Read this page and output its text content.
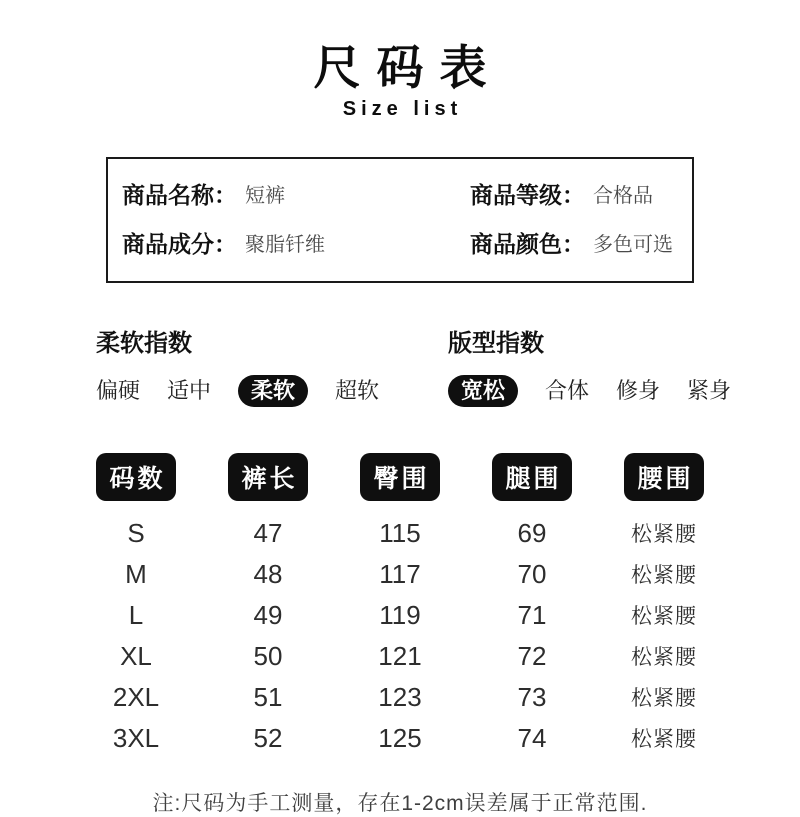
尺码表
Size list
商品名称： 短裤	商品等级： 合格品
商品成分： 聚脂钎维	商品颜色： 多色可选
柔软指数
偏硬 适中	柔软	超软
版型指数
宽松	合体 修身 紧身
码数	裤长	臀围	腿围	腰围
S	47	115	69	松紧腰
M	48	117	70	松紧腰
L	49	119	71	松紧腰
XL	50	121	72	松紧腰
2XL	51	123	73	松紧腰
3XL	52	125	74	松紧腰
注:尺码为手工测量，存在1-2cm误差属于正常范围.
